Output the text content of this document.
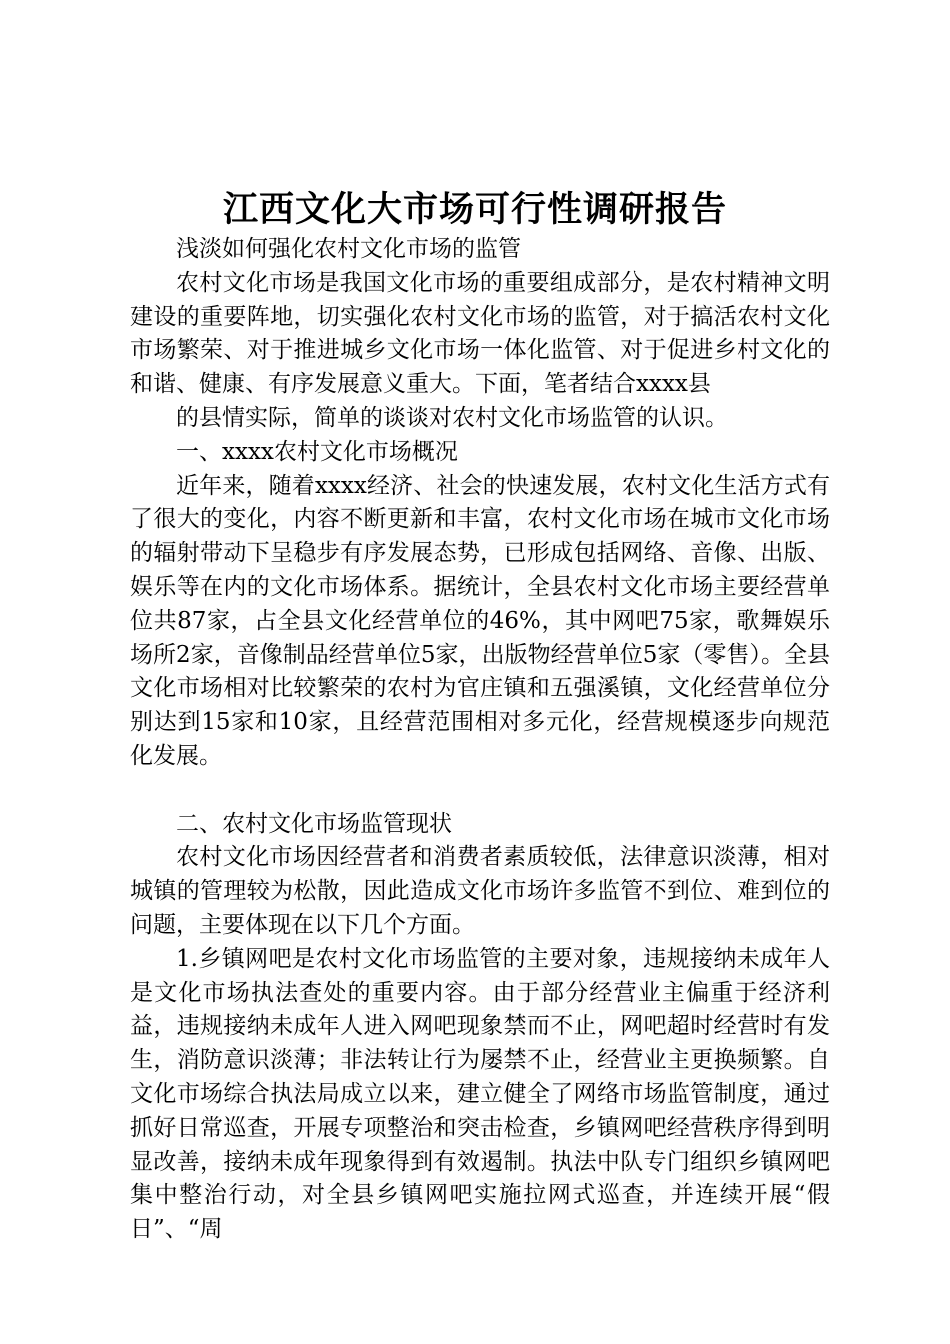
江西文化大市场可行性调研报告

浅淡如何强化农村文化市场的监管

农村文化市场是我国文化市场的重要组成部分，是农村精神文明建设的重要阵地，切实强化农村文化市场的监管，对于搞活农村文化市场繁荣、对于推进城乡文化市场一体化监管、对于促进乡村文化的和谐、健康、有序发展意义重大。下面，笔者结合xxxx县

的县情实际，简单的谈谈对农村文化市场监管的认识。

一、xxxx农村文化市场概况

近年来，随着xxxx经济、社会的快速发展，农村文化生活方式有了很大的变化，内容不断更新和丰富，农村文化市场在城市文化市场的辐射带动下呈稳步有序发展态势，已形成包括网络、音像、出版、娱乐等在内的文化市场体系。据统计，全县农村文化市场主要经营单位共87家，占全县文化经营单位的46%，其中网吧75家，歌舞娱乐场所2家，音像制品经营单位5家，出版物经营单位5家（零售）。全县文化市场相对比较繁荣的农村为官庄镇和五强溪镇，文化经营单位分别达到15家和10家，且经营范围相对多元化，经营规模逐步向规范化发展。

二、农村文化市场监管现状

农村文化市场因经营者和消费者素质较低，法律意识淡薄，相对城镇的管理较为松散，因此造成文化市场许多监管不到位、难到位的问题，主要体现在以下几个方面。

1.乡镇网吧是农村文化市场监管的主要对象，违规接纳未成年人是文化市场执法查处的重要内容。由于部分经营业主偏重于经济利益，违规接纳未成年人进入网吧现象禁而不止，网吧超时经营时有发生，消防意识淡薄；非法转让行为屡禁不止，经营业主更换频繁。自文化市场综合执法局成立以来，建立健全了网络市场监管制度，通过抓好日常巡查，开展专项整治和突击检查，乡镇网吧经营秩序得到明显改善，接纳未成年现象得到有效遏制。执法中队专门组织乡镇网吧集中整治行动，对全县乡镇网吧实施拉网式巡查，并连续开展“假日”、“周
